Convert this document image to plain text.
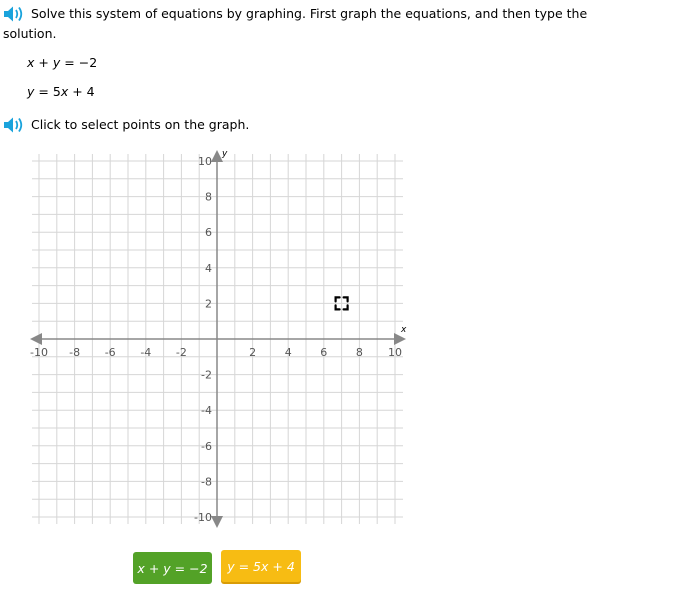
Solve this system of equations by graphing. First graph the equations, and then type the
solution.
x + y = −2
y = 5x + 4
Click to select points on the graph.
-10 -8 -6 -4 -2	2	4	6	8 10
10
8
6
4
2
-2
-4
-6
-8
-10
x
y
x + y = −2 y = 5x + 4
